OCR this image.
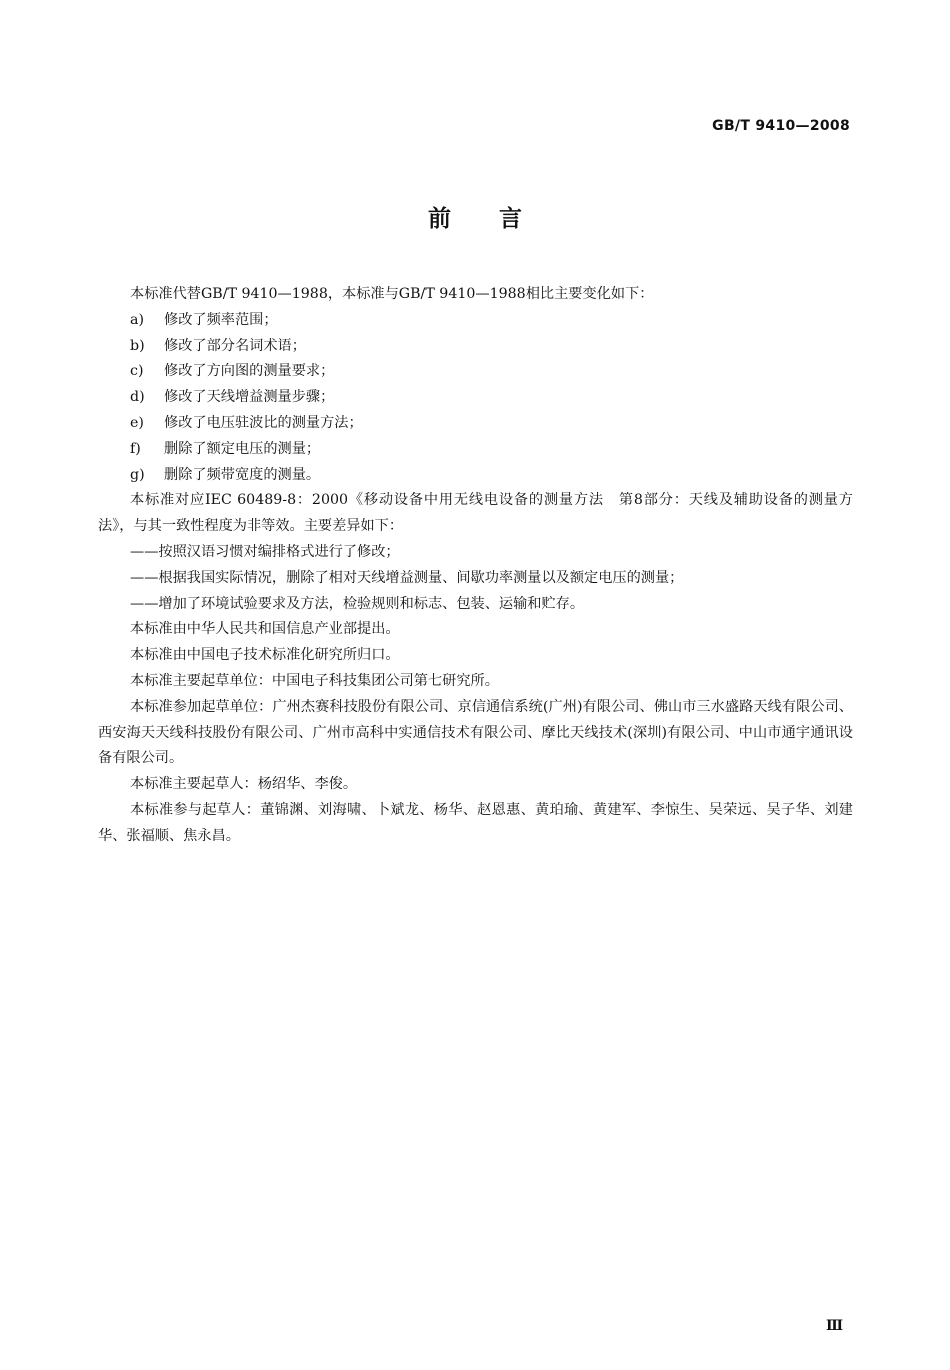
GB/T 9410—2008
前言

本标准代替GB/T 9410—1988，本标准与GB/T 9410—1988相比主要变化如下：

a) 修改了频率范围；

b) 修改了部分名词术语；

c) 修改了方向图的测量要求；

d) 修改了天线增益测量步骤；

e) 修改了电压驻波比的测量方法；

f) 删除了额定电压的测量；

g) 删除了频带宽度的测量。

本标准对应IEC 60489-8：2000《移动设备中用无线电设备的测量方法　第8部分：天线及辅助设备的测量方法》，与其一致性程度为非等效。主要差异如下：

——按照汉语习惯对编排格式进行了修改；

——根据我国实际情况，删除了相对天线增益测量、间歇功率测量以及额定电压的测量；

——增加了环境试验要求及方法，检验规则和标志、包装、运输和贮存。

本标准由中华人民共和国信息产业部提出。

本标准由中国电子技术标准化研究所归口。

本标准主要起草单位：中国电子科技集团公司第七研究所。

本标准参加起草单位：广州杰赛科技股份有限公司、京信通信系统(广州)有限公司、佛山市三水盛路天线有限公司、西安海天天线科技股份有限公司、广州市高科中实通信技术有限公司、摩比天线技术(深圳)有限公司、中山市通宇通讯设备有限公司。

本标准主要起草人：杨绍华、李俊。

本标准参与起草人：董锦渊、刘海啸、卜斌龙、杨华、赵恩惠、黄珀瑜、黄建军、李惊生、吴荣远、吴子华、刘建华、张福顺、焦永昌。

Ⅲ
